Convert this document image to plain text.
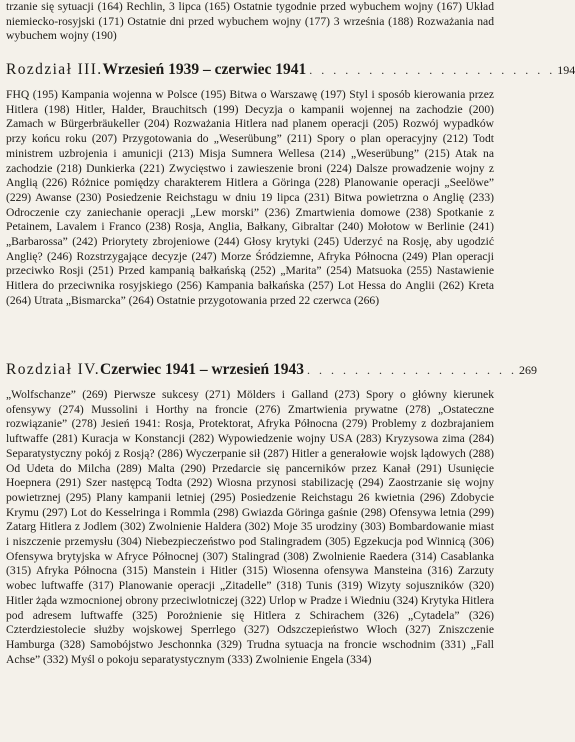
trzanie się sytuacji (164) Rechlin, 3 lipca (165) Ostatnie tygodnie przed wybuchem wojny (167) Układ niemiecko-rosyjski (171) Ostatnie dni przed wybuchem wojny (177) 3 września (188) Rozważania nad wybuchem wojny (190)

Rozdział III. Wrzesień 1939 – czerwiec 1941 . . . . . . . . . . . . . . . . . . . . . 194

FHQ (195) Kampania wojenna w Polsce (195) Bitwa o Warszawę (197) Styl i sposób kierowania przez Hitlera (198) Hitler, Halder, Brauchitsch (199) Decyzja o kampanii wojennej na zachodzie (200) Zamach w Bürgerbräukeller (204) Rozważania Hitlera nad planem operacji (205) Rozwój wypadków przy końcu roku (207) Przygotowania do „Weserübung” (211) Spory o plan operacyjny (212) Todt ministrem uzbrojenia i amunicji (213) Misja Sumnera Wellesa (214) „Weserübung” (215) Atak na zachodzie (218) Dunkierka (221) Zwycięstwo i zawieszenie broni (224) Dalsze prowadzenie wojny z Anglią (226) Różnice pomiędzy charakterem Hitlera a Göringa (228) Planowanie operacji „Seelöwe” (229) Awanse (230) Posiedzenie Reichstagu w dniu 19 lipca (231) Bitwa powietrzna o Anglię (233) Odroczenie czy zaniechanie operacji „Lew morski” (236) Zmartwienia domowe (238) Spotkanie z Petainem, Lavalem i Franco (238) Rosja, Anglia, Bałkany, Gibraltar (240) Mołotow w Berlinie (241) „Barbarossa” (242) Priorytety zbrojeniowe (244) Głosy krytyki (245) Uderzyć na Rosję, aby ugodzić Anglię? (246) Rozstrzygające decyzje (247) Morze Śródziemne, Afryka Północna (249) Plan operacji przeciwko Rosji (251) Przed kampanią bałkańską (252) „Marita” (254) Matsuoka (255) Nastawienie Hitlera do przeciwnika rosyjskiego (256) Kampania bałkańska (257) Lot Hessa do Anglii (262) Kreta (264) Utrata „Bismarcka” (264) Ostatnie przygotowania przed 22 czerwca (266)

Rozdział IV. Czerwiec 1941 – wrzesień 1943 . . . . . . . . . . . . . . . . . . 269

„Wolfschanze” (269) Pierwsze sukcesy (271) Mölders i Galland (273) Spory o główny kierunek ofensywy (274) Mussolini i Horthy na froncie (276) Zmartwienia prywatne (278) „Ostateczne rozwiązanie” (278) Jesień 1941: Rosja, Protektorat, Afryka Północna (279) Problemy z dozbrajaniem luftwaffe (281) Kuracja w Konstancji (282) Wypowiedzenie wojny USA (283) Kryzysowa zima (284) Separatystyczny pokój z Rosją? (286) Wyczerpanie sił (287) Hitler a generałowie wojsk lądowych (288) Od Udeta do Milcha (289) Malta (290) Przedarcie się pancerników przez Kanał (291) Usunięcie Hoepnera (291) Szer następcą Todta (292) Wiosna przynosi stabilizację (294) Zaostrzanie się wojny powietrznej (295) Plany kampanii letniej (295) Posiedzenie Reichstagu 26 kwietnia (296) Zdobycie Krymu (297) Lot do Kesselringa i Rommla (298) Gwiazda Göringa gaśnie (298) Ofensywa letnia (299) Zatarg Hitlera z Jodlem (302) Zwolnienie Haldera (302) Moje 35 urodziny (303) Bombardowanie miast i niszczenie przemysłu (304) Niebezpieczeństwo pod Stalingradem (305) Egzekucja pod Winnicą (306) Ofensywa brytyjska w Afryce Północnej (307) Stalingrad (308) Zwolnienie Raedera (314) Casablanka (315) Afryka Północna (315) Manstein i Hitler (315) Wiosenna ofensywa Mansteina (316) Zarzuty wobec luftwaffe (317) Planowanie operacji „Zitadelle” (318) Tunis (319) Wizyty sojuszników (320) Hitler żąda wzmocnionej obrony przeciwlotniczej (322) Urlop w Pradze i Wiedniu (324) Krytyka Hitlera pod adresem luftwaffe (325) Porożnienie się Hitlera z Schirachem (326) „Cytadela” (326) Czterdziestolecie służby wojskowej Sperrlego (327) Odszczepieństwo Włoch (327) Zniszczenie Hamburga (328) Samobójstwo Jeschonnka (329) Trudna sytuacja na froncie wschodnim (331) „Fall Achse” (332) Myśl o pokoju separatystycznym (333) Zwolnienie Engela (334)
